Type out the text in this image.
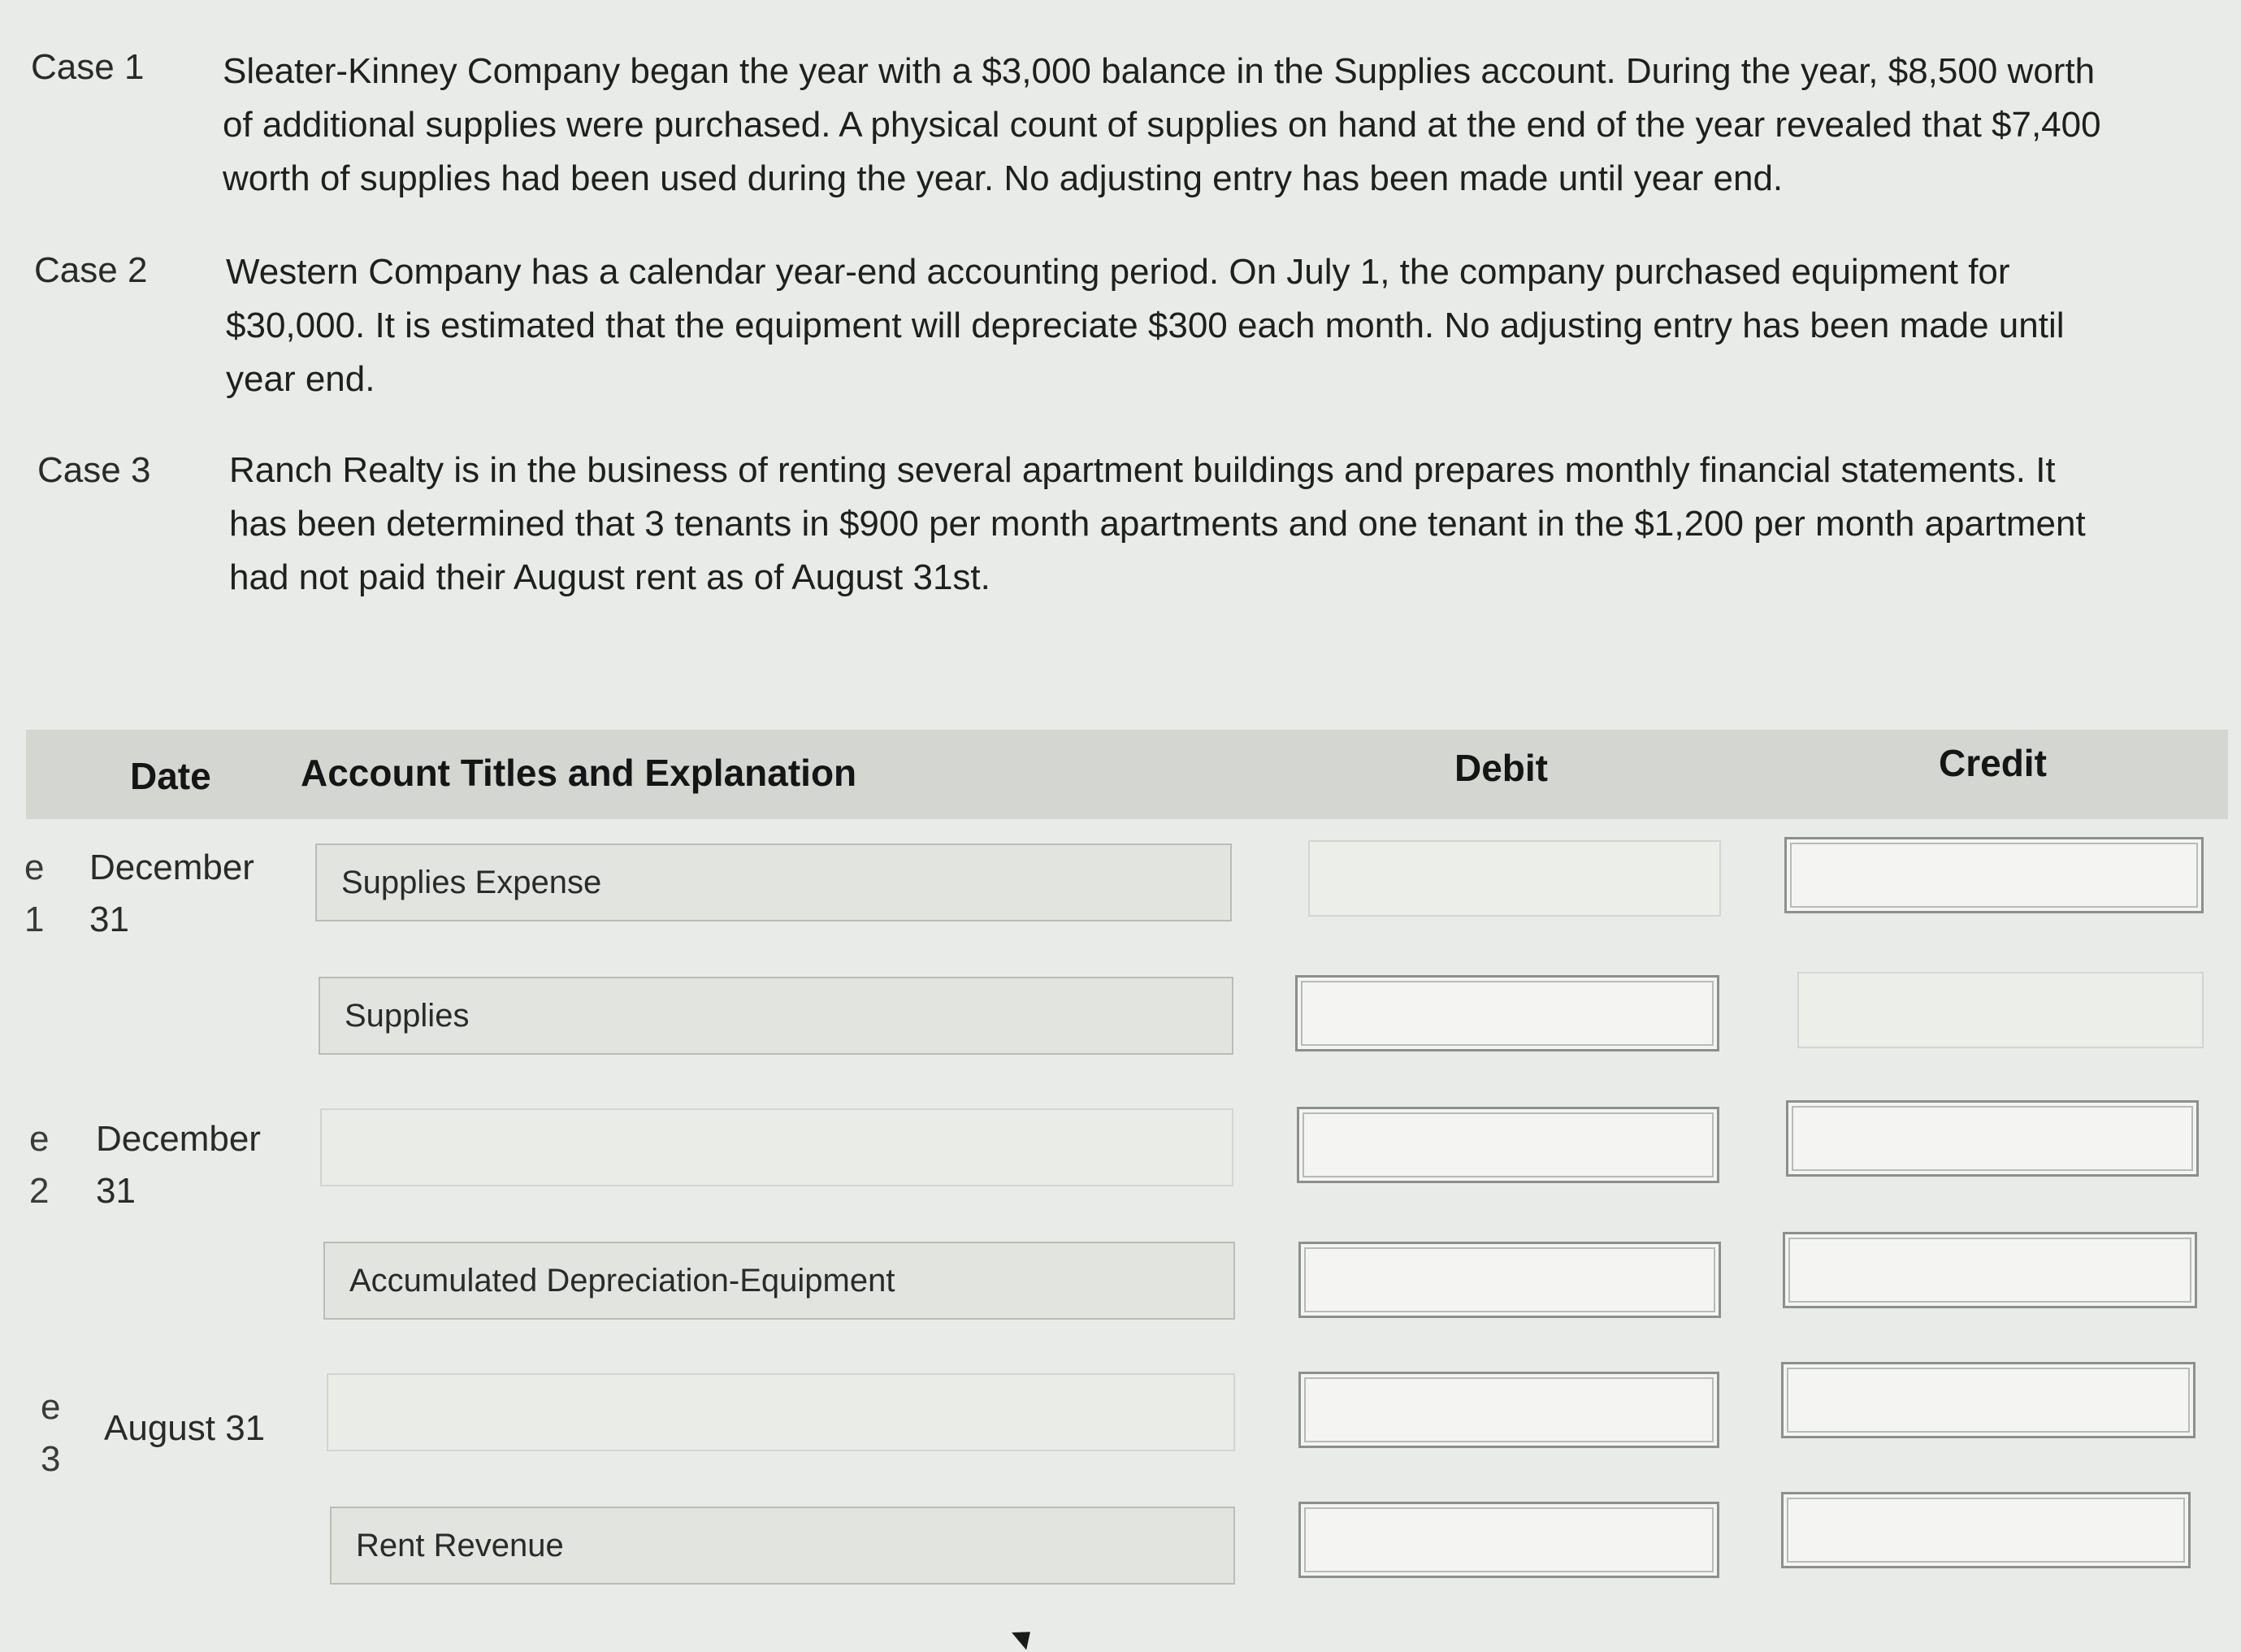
Case 1 Sleater-Kinney Company began the year with a $3,000 balance in the Supplies account. During the year, $8,500 worth
of additional supplies were purchased. A physical count of supplies on hand at the end of the year revealed that $7,400
worth of supplies had been used during the year. No adjusting entry has been made until year end.
Case 2 Western Company has a calendar year-end accounting period. On July 1, the company purchased equipment for
$30,000. It is estimated that the equipment will depreciate $300 each month. No adjusting entry has been made until
year end.
Case 3 Ranch Realty is in the business of renting several apartment buildings and prepares monthly financial statements. It
has been determined that 3 tenants in $900 per month apartments and one tenant in the $1,200 per month apartment
had not paid their August rent as of August 31st.
Date Account Titles and Explanation	Debit	Credit
e
1
December
31
Supplies Expense
Supplies
e
2
December
31
Accumulated Depreciation-Equipment
e
3
August 31
Rent Revenue
